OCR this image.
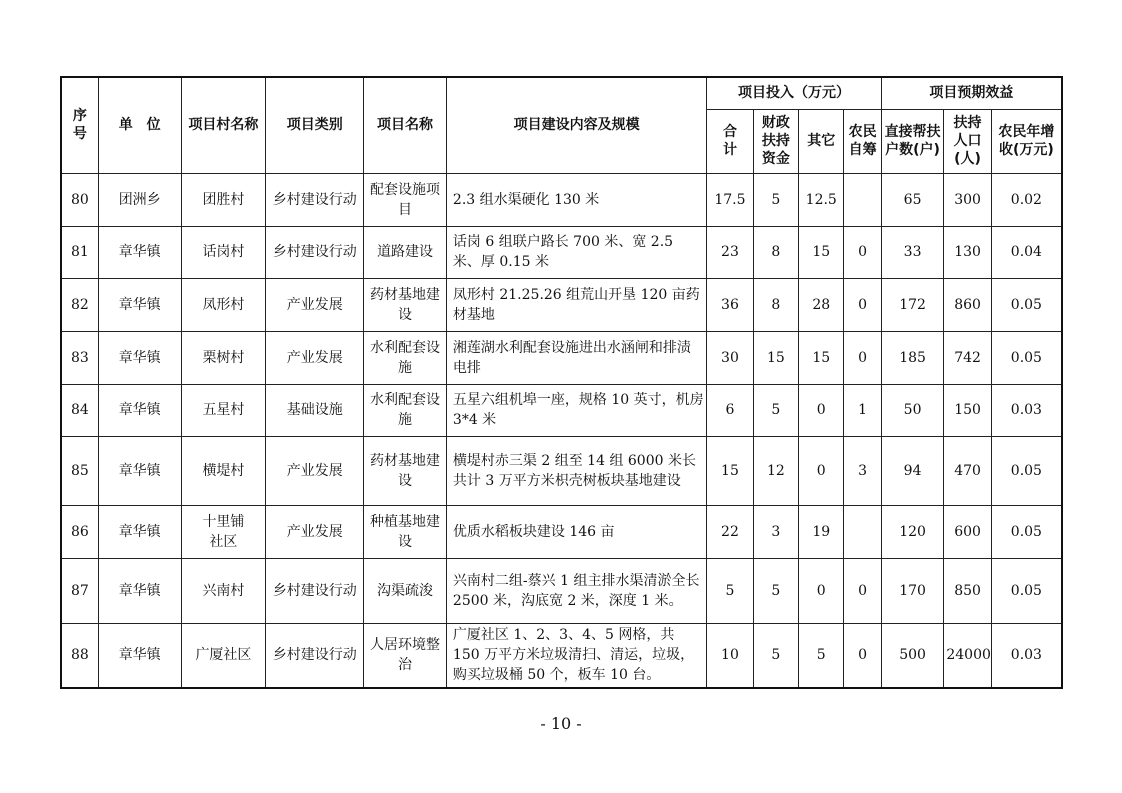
序号	单　位	项目村名称	项目类别	项目名称	项目建设内容及规模	项目投入（万元）				项目预期效益		
						合计	财政扶持资金	其它	农民自筹	直接帮扶户数(户)	扶持人口(人)	农民年增收(万元)
80	团洲乡	团胜村	乡村建设行动	配套设施项目	2.3 组水渠硬化 130 米	17.5	5	12.5		65	300	0.02
81	章华镇	话岗村	乡村建设行动	道路建设	话岗 6 组联户路长 700 米、宽 2.5 米、厚 0.15 米	23	8	15	0	33	130	0.04
82	章华镇	凤形村	产业发展	药材基地建设	凤形村 21.25.26 组荒山开垦 120 亩药材基地	36	8	28	0	172	860	0.05
83	章华镇	栗树村	产业发展	水利配套设施	湘莲湖水利配套设施进出水涵闸和排渍电排	30	15	15	0	185	742	0.05
84	章华镇	五星村	基础设施	水利配套设施	五星六组机埠一座，规格 10 英寸，机房 3*4 米	6	5	0	1	50	150	0.03
85	章华镇	横堤村	产业发展	药材基地建设	横堤村赤三渠 2 组至 14 组 6000 米长共计 3 万平方米枳壳树板块基地建设	15	12	0	3	94	470	0.05
86	章华镇	十里铺社区	产业发展	种植基地建设	优质水稻板块建设 146 亩	22	3	19		120	600	0.05
87	章华镇	兴南村	乡村建设行动	沟渠疏浚	兴南村二组-蔡兴 1 组主排水渠清淤全长 2500 米，沟底宽 2 米，深度 1 米。	5	5	0	0	170	850	0.05
88	章华镇	广厦社区	乡村建设行动	人居环境整治	广厦社区 1、2、3、4、5 网格，共 150 万平方米垃圾清扫、清运，垃圾，购买垃圾桶 50 个，板车 10 台。	10	5	5	0	500	24000	0.03
- 10 -
